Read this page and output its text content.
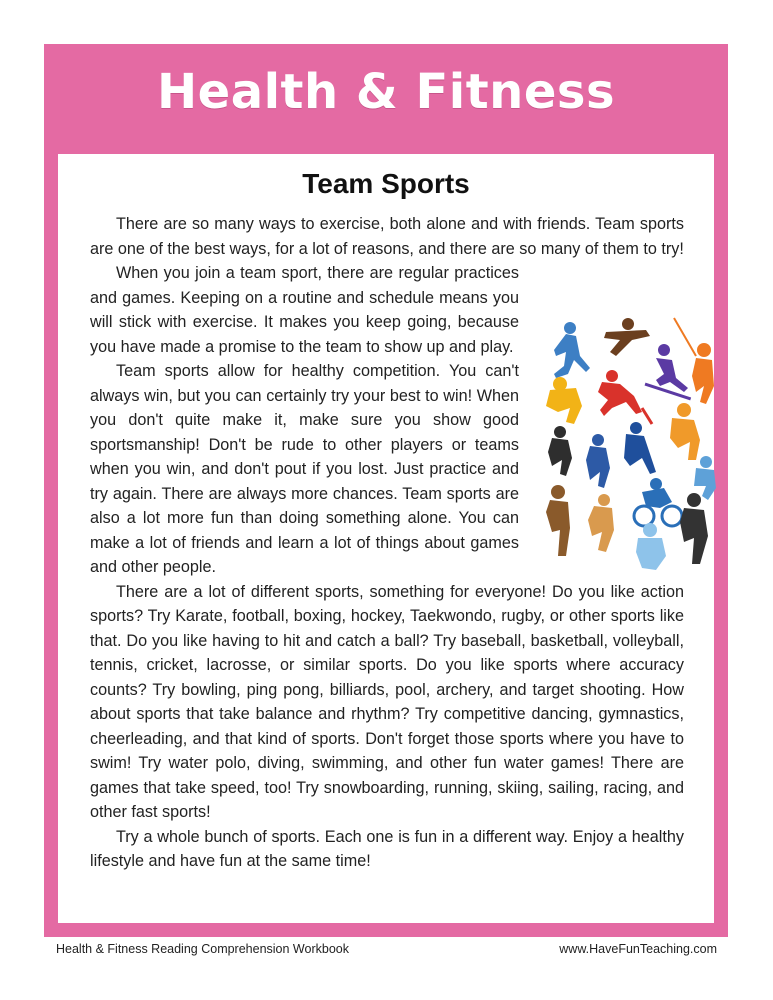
Health & Fitness
Team Sports

There are so many ways to exercise, both alone and with friends. Team sports are one of the best ways, for a lot of reasons, and there are so many of them to try!

When you join a team sport, there are regular practices and games. Keeping on a routine and schedule means you will stick with exercise. It makes you keep going, because you have made a promise to the team to show up and play.

Team sports allow for healthy competition. You can't always win, but you can certainly try your best to win! When you don't quite make it, make sure you show good sportsmanship! Don't be rude to other players or teams when you win, and don't pout if you lost. Just practice and try again. There are always more chances. Team sports are also a lot more fun than doing something alone. You can make a lot of friends and learn a lot of things about games and other people.

There are a lot of different sports, something for everyone! Do you like action sports? Try Karate, football, boxing, hockey, Taekwondo, rugby, or other sports like that. Do you like having to hit and catch a ball? Try baseball, basketball, volleyball, tennis, cricket, lacrosse, or similar sports. Do you like sports where accuracy counts? Try bowling, ping pong, billiards, pool, archery, and target shooting. How about sports that take balance and rhythm? Try competitive dancing, gymnastics, cheerleading, and that kind of sports. Don't forget those sports where you have to swim! Try water polo, diving, swimming, and other fun water games! There are games that take speed, too! Try snowboarding, running, skiing, sailing, racing, and other fast sports!

Try a whole bunch of sports. Each one is fun in a different way. Enjoy a healthy lifestyle and have fun at the same time!

Health & Fitness Reading Comprehension Workbook	www.HaveFunTeaching.com
